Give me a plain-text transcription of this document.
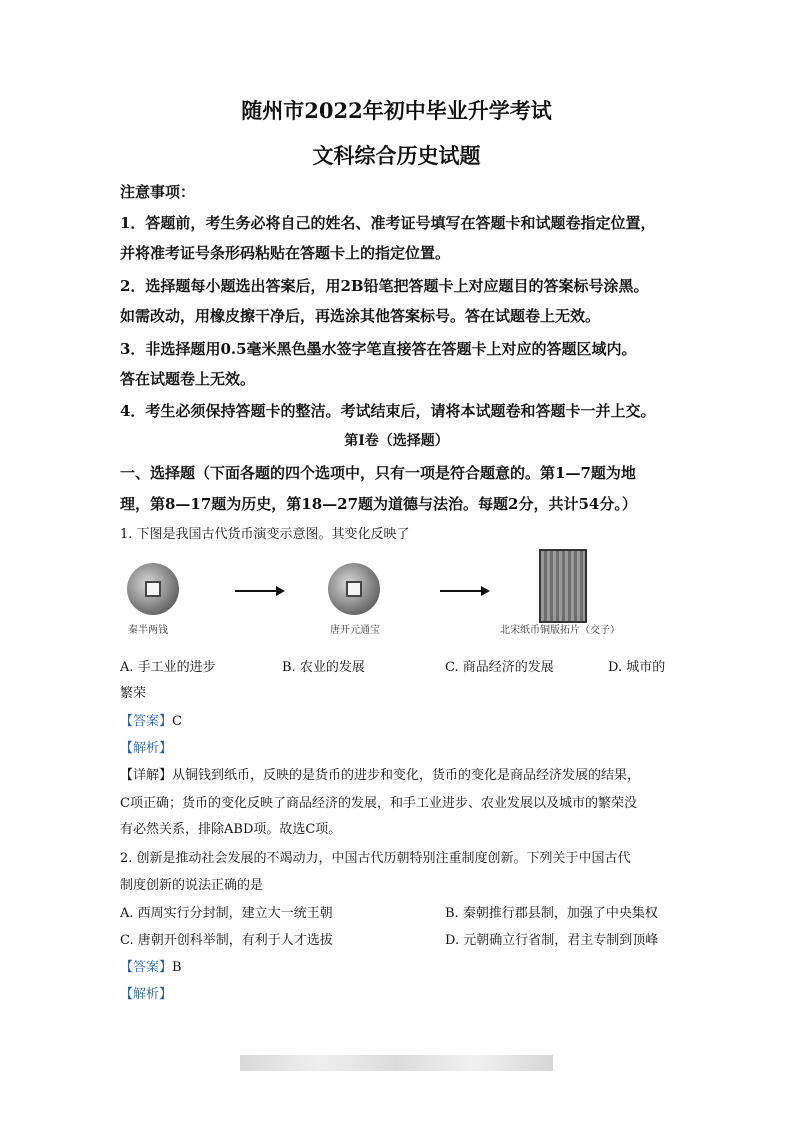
随州市2022年初中毕业升学考试
文科综合历史试题
注意事项：
1．答题前，考生务必将自己的姓名、准考证号填写在答题卡和试题卷指定位置，
并将准考证号条形码粘贴在答题卡上的指定位置。
2．选择题每小题选出答案后，用2B铅笔把答题卡上对应题目的答案标号涂黑。
如需改动，用橡皮擦干净后，再选涂其他答案标号。答在试题卷上无效。
3．非选择题用0.5毫米黑色墨水签字笔直接答在答题卡上对应的答题区域内。
答在试题卷上无效。
4．考生必须保持答题卡的整洁。考试结束后，请将本试题卷和答题卡一并上交。
第I卷（选择题）
一、选择题（下面各题的四个选项中，只有一项是符合题意的。第1—7题为地
理，第8—17题为历史，第18—27题为道德与法治。每题2分，共计54分。）
1. 下图是我国古代货币演变示意图。其变化反映了
秦半两钱	唐开元通宝	北宋纸币铜版拓片（交子）
A. 手工业的进步	B. 农业的发展	C. 商品经济的发展	D. 城市的
繁荣
【答案】C
【解析】
【详解】从铜钱到纸币，反映的是货币的进步和变化，货币的变化是商品经济发展的结果，
C项正确；货币的变化反映了商品经济的发展，和手工业进步、农业发展以及城市的繁荣没
有必然关系，排除ABD项。故选C项。
2. 创新是推动社会发展的不竭动力，中国古代历朝特别注重制度创新。下列关于中国古代
制度创新的说法正确的是
A. 西周实行分封制，建立大一统王朝	B. 秦朝推行郡县制，加强了中央集权
C. 唐朝开创科举制，有利于人才选拔	D. 元朝确立行省制，君主专制到顶峰
【答案】B
【解析】
